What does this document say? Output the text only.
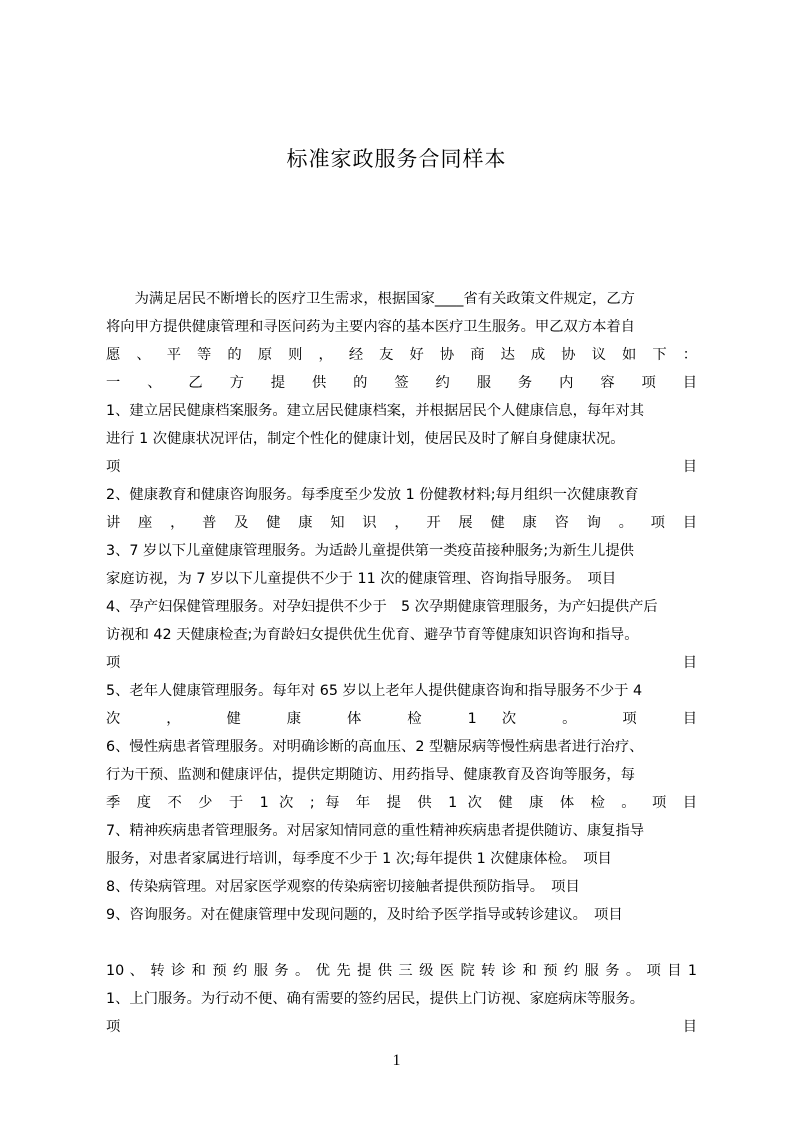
标准家政服务合同样本
　　为满足居民不断增长的医疗卫生需求，根据国家____省有关政策文件规定，乙方
将向甲方提供健康管理和寻医问药为主要内容的基本医疗卫生服务。甲乙双方本着自
愿 、 平 等 的 原 则 ， 经 友 好 协 商 达 成 协 议 如 下 ：
一 、 乙 方 提 供 的 签 约 服 务 内 容 项 目
1、建立居民健康档案服务。建立居民健康档案，并根据居民个人健康信息，每年对其
进行 1 次健康状况评估，制定个性化的健康计划，使居民及时了解自身健康状况。
项 目
2、健康教育和健康咨询服务。每季度至少发放 1 份健教材料;每月组织一次健康教育
讲 座 ， 普 及 健 康 知 识 ， 开 展 健 康 咨 询 。 项 目
3、7 岁以下儿童健康管理服务。为适龄儿童提供第一类疫苗接种服务;为新生儿提供
家庭访视，为 7 岁以下儿童提供不少于 11 次的健康管理、咨询指导服务。　项目
4、孕产妇保健管理服务。对孕妇提供不少于　5 次孕期健康管理服务，为产妇提供产后
访视和 42 天健康检查;为育龄妇女提供优生优育、避孕节育等健康知识咨询和指导。
项 目
5、老年人健康管理服务。每年对 65 岁以上老年人提供健康咨询和指导服务不少于 4
次 ， 健 康 体 检 1 次 。 项 目
6、慢性病患者管理服务。对明确诊断的高血压、2 型糖尿病等慢性病患者进行治疗、
行为干预、监测和健康评估，提供定期随访、用药指导、健康教育及咨询等服务，每
季 度 不 少 于 1 次 ; 每 年 提 供 1 次 健 康 体 检 。 项 目
7、精神疾病患者管理服务。对居家知情同意的重性精神疾病患者提供随访、康复指导
服务，对患者家属进行培训，每季度不少于 1 次;每年提供 1 次健康体检。　项目
8、传染病管理。对居家医学观察的传染病密切接触者提供预防指导。　项目
9、咨询服务。对在健康管理中发现问题的，及时给予医学指导或转诊建议。　项目
10 、 转 诊 和 预 约 服 务 。 优 先 提 供 三 级 医 院 转 诊 和 预 约 服 务 。 项 目 1
1、上门服务。为行动不便、确有需要的签约居民，提供上门访视、家庭病床等服务。
项 目
1
